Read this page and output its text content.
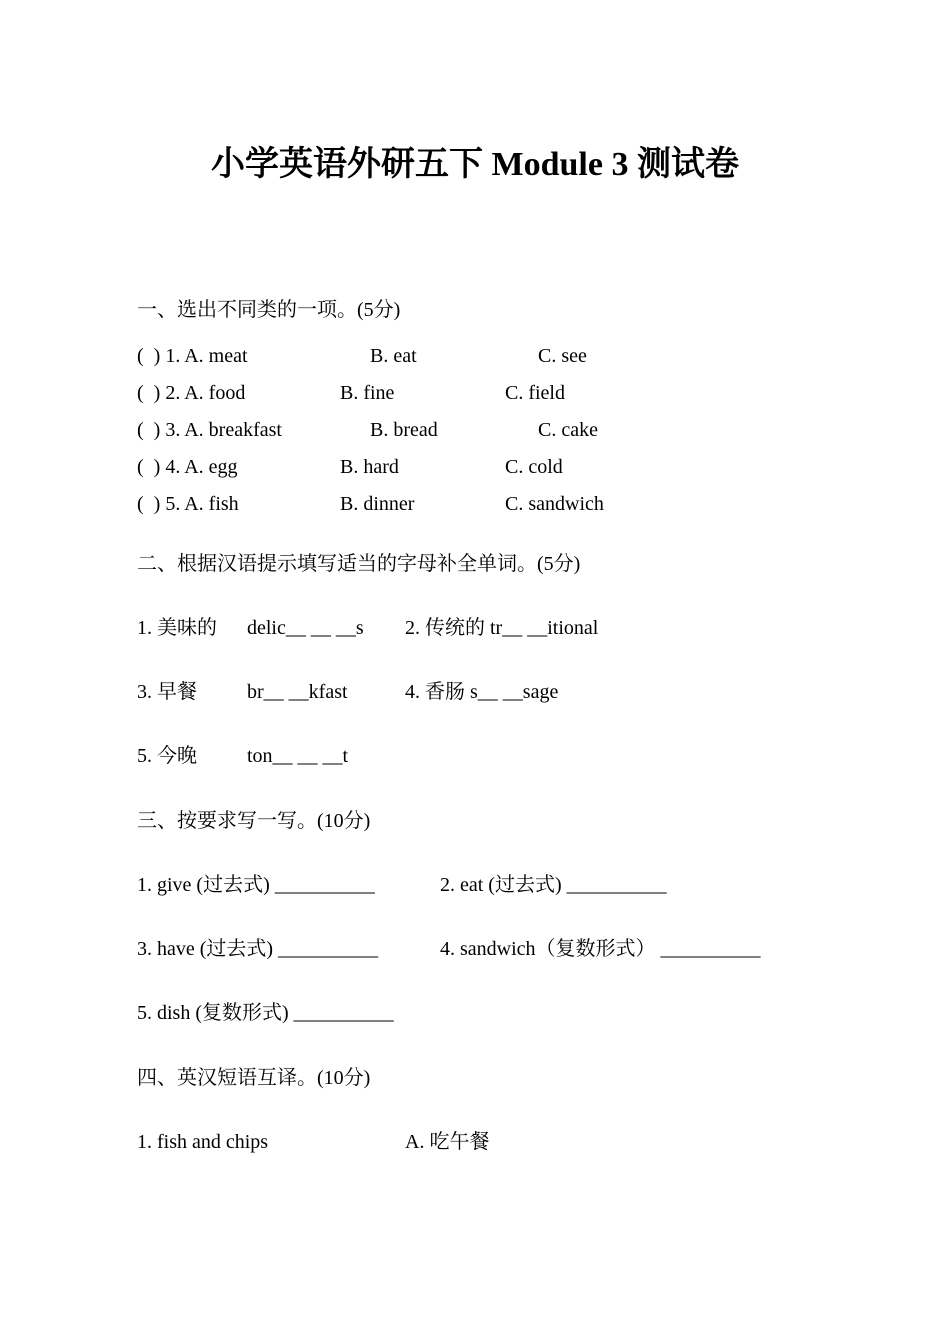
小学英语外研五下 Module 3 测试卷
一、选出不同类的一项。(5分)
(  ) 1. A. meat	B. eat	C. see
(  ) 2. A. food	B. fine	C. field
(  ) 3. A. breakfast	B. bread	C. cake
(  ) 4. A. egg	B. hard	C. cold
(  ) 5. A. fish	B. dinner	C. sandwich
二、根据汉语提示填写适当的字母补全单词。(5分)
1. 美味的 delic__ __ __s 2. 传统的 tr__ __itional
3. 早餐	br__ __kfast	4. 香肠 s__ __sage
5. 今晚	ton__ __ __t
三、按要求写一写。(10分)
1. give (过去式) __________	2. eat (过去式) __________
3. have (过去式) __________	4. sandwich（复数形式） __________
5. dish (复数形式) __________
四、英汉短语互译。(10分)
1. fish and chips	A. 吃午餐
